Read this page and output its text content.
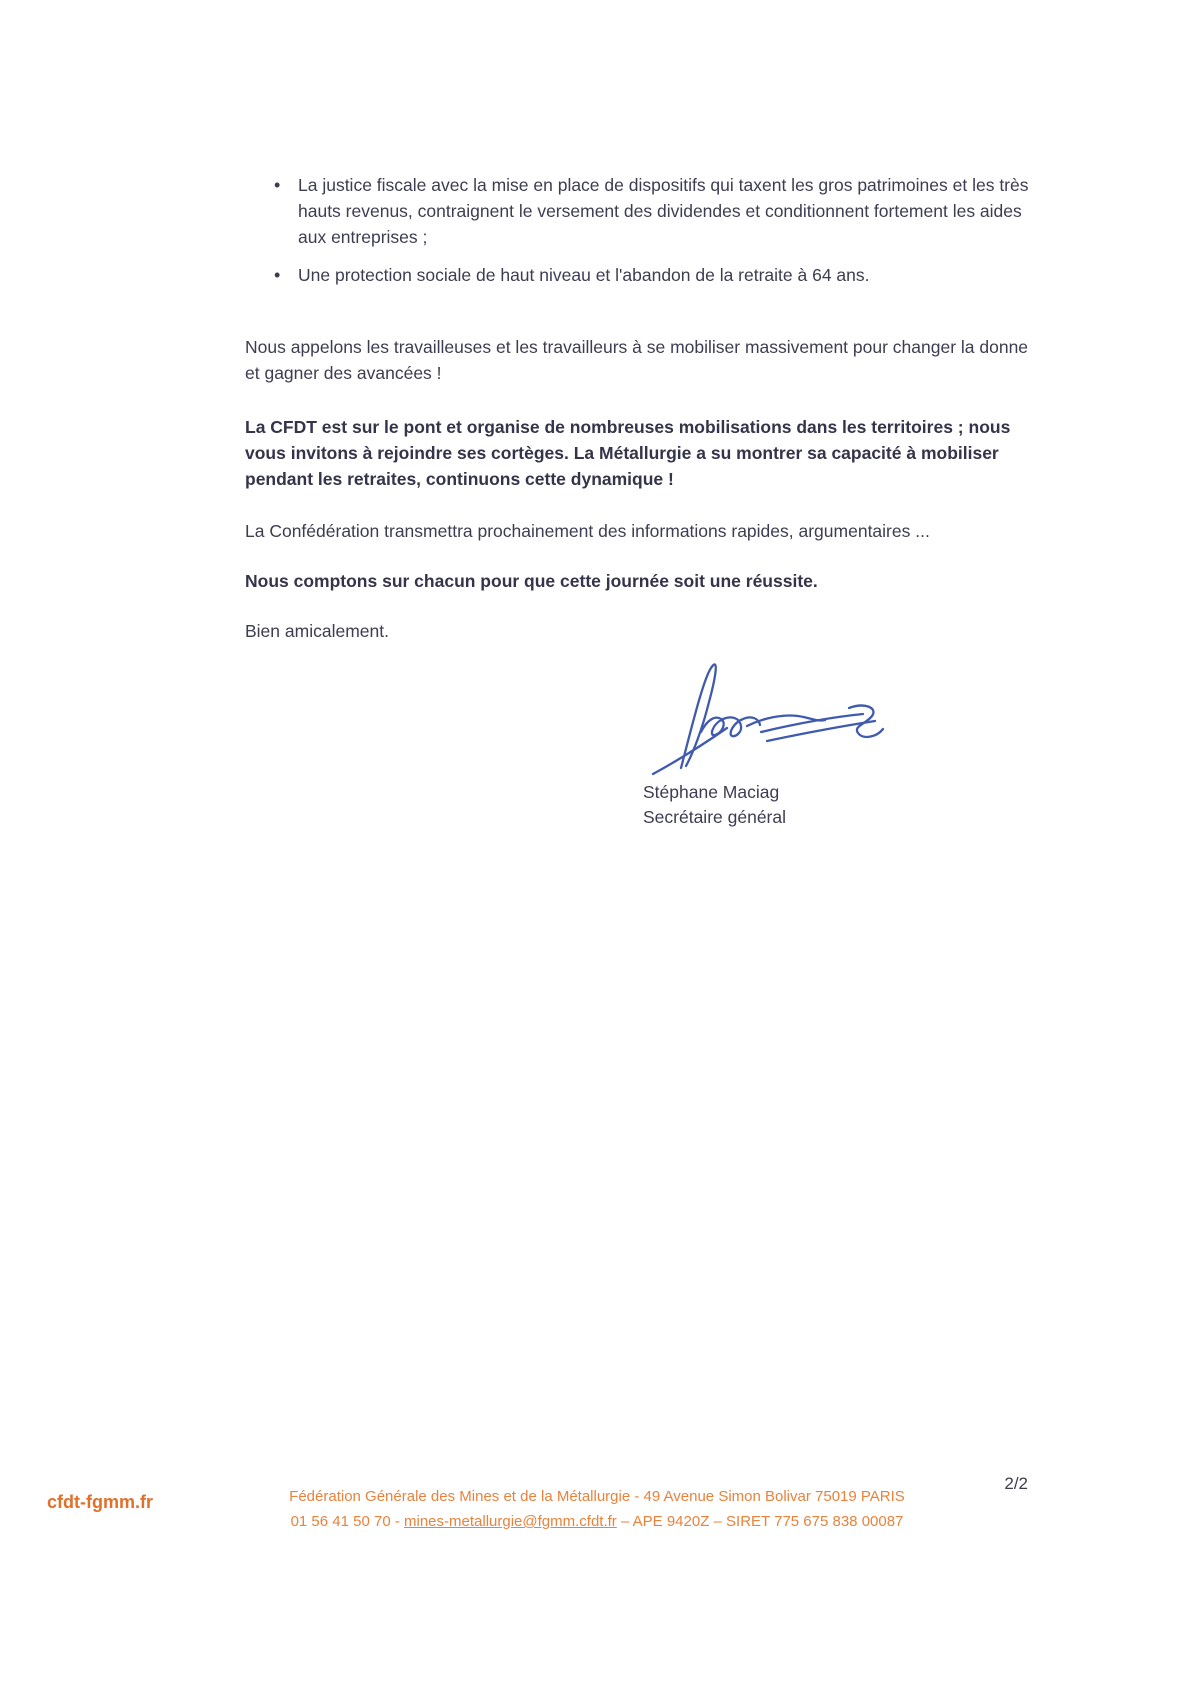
• La justice fiscale avec la mise en place de dispositifs qui taxent les gros patrimoines et les très hauts revenus, contraignent le versement des dividendes et conditionnent fortement les aides aux entreprises ;
• Une protection sociale de haut niveau et l'abandon de la retraite à 64 ans.

Nous appelons les travailleuses et les travailleurs à se mobiliser massivement pour changer la donne et gagner des avancées !

La CFDT est sur le pont et organise de nombreuses mobilisations dans les territoires ; nous vous invitons à rejoindre ses cortèges. La Métallurgie a su montrer sa capacité à mobiliser pendant les retraites, continuons cette dynamique !

La Confédération transmettra prochainement des informations rapides, argumentaires ...

Nous comptons sur chacun pour que cette journée soit une réussite.

Bien amicalement.

Stéphane Maciag

Secrétaire général

cfdt-fgmm.fr	Fédération Générale des Mines et de la Métallurgie - 49 Avenue Simon Bolivar 75019 PARIS
01 56 41 50 70 - mines-metallurgie@fgmm.cfdt.fr – APE 9420Z – SIRET 775 675 838 00087
2/2
